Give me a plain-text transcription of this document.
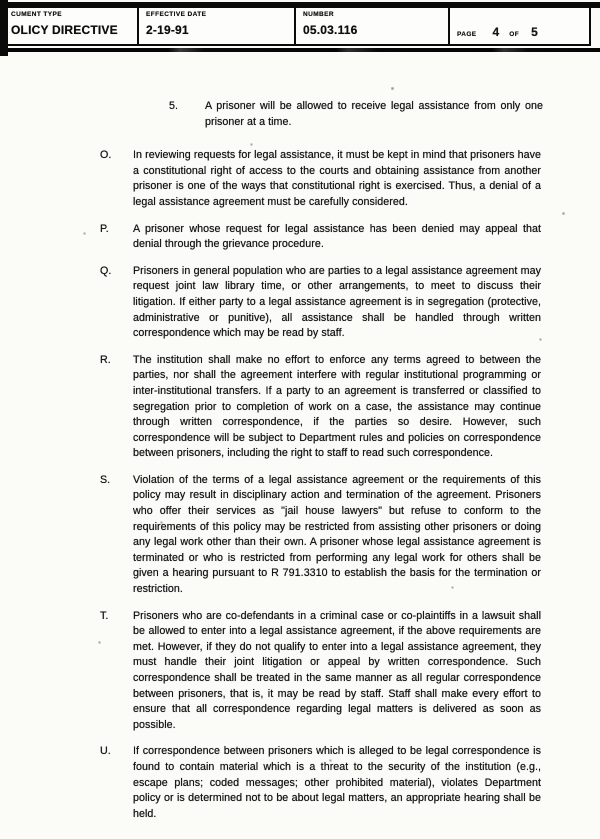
CUMENT TYPE
OLICY DIRECTIVE
EFFECTIVE DATE
2-19-91
NUMBER
05.03.116	PAGE 4 OF 5
5.	A prisoner will be allowed to receive legal assistance from only one prisoner at a time.
O. In reviewing requests for legal assistance, it must be kept in mind that prisoners have a constitutional right of access to the courts and obtaining assistance from another prisoner is one of the ways that constitutional right is exercised. Thus, a denial of a legal assistance agreement must be carefully considered.
P. A prisoner whose request for legal assistance has been denied may appeal that denial through the grievance procedure.
Q. Prisoners in general population who are parties to a legal assistance agreement may request joint law library time, or other arrangements, to meet to discuss their litigation. If either party to a legal assistance agreement is in segregation (protective, administrative or punitive), all assistance shall be handled through written correspondence which may be read by staff.
R. The institution shall make no effort to enforce any terms agreed to between the parties, nor shall the agreement interfere with regular institutional programming or inter-institutional transfers. If a party to an agreement is transferred or classified to segregation prior to completion of work on a case, the assistance may continue through written correspondence, if the parties so desire. However, such correspondence will be subject to Department rules and policies on correspondence between prisoners, including the right to staff to read such correspondence.
S. Violation of the terms of a legal assistance agreement or the requirements of this policy may result in disciplinary action and termination of the agreement. Prisoners who offer their services as "jail house lawyers" but refuse to conform to the requirements of this policy may be restricted from assisting other prisoners or doing any legal work other than their own. A prisoner whose legal assistance agreement is terminated or who is restricted from performing any legal work for others shall be given a hearing pursuant to R 791.3310 to establish the basis for the termination or restriction.
T. Prisoners who are co-defendants in a criminal case or co-plaintiffs in a lawsuit shall be allowed to enter into a legal assistance agreement, if the above requirements are met. However, if they do not qualify to enter into a legal assistance agreement, they must handle their joint litigation or appeal by written correspondence. Such correspondence shall be treated in the same manner as all regular correspondence between prisoners, that is, it may be read by staff. Staff shall make every effort to ensure that all correspondence regarding legal matters is delivered as soon as possible.
U. If correspondence between prisoners which is alleged to be legal correspondence is found to contain material which is a threat to the security of the institution (e.g., escape plans; coded messages; other prohibited material), violates Department policy or is determined not to be about legal matters, an appropriate hearing shall be held.
